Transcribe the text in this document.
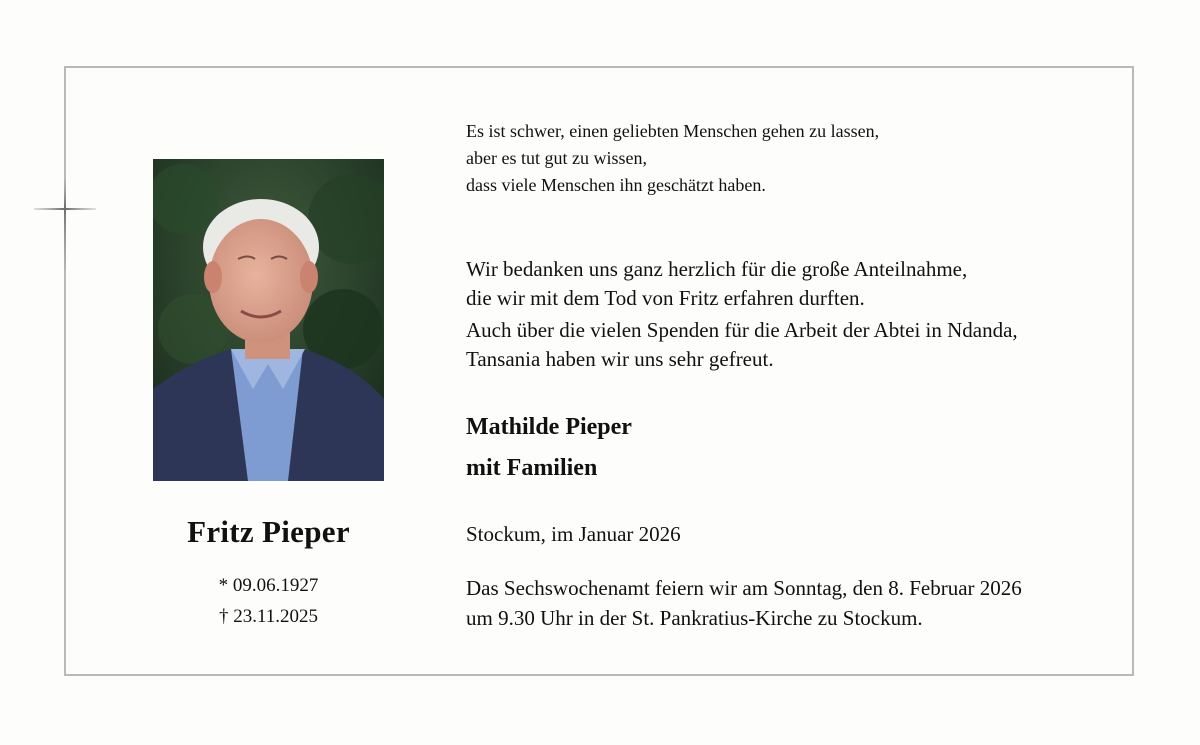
Fritz Pieper
* 09.06.1927
† 23.11.2025
Es ist schwer, einen geliebten Menschen gehen zu lassen,
aber es tut gut zu wissen,
dass viele Menschen ihn geschätzt haben.
Wir bedanken uns ganz herzlich für die große Anteilnahme,
die wir mit dem Tod von Fritz erfahren durften.
Auch über die vielen Spenden für die Arbeit der Abtei in Ndanda,
Tansania haben wir uns sehr gefreut.
Mathilde Pieper
mit Familien
Stockum, im Januar 2026
Das Sechswochenamt feiern wir am Sonntag, den 8. Februar 2026
um 9.30 Uhr in der St. Pankratius-Kirche zu Stockum.
